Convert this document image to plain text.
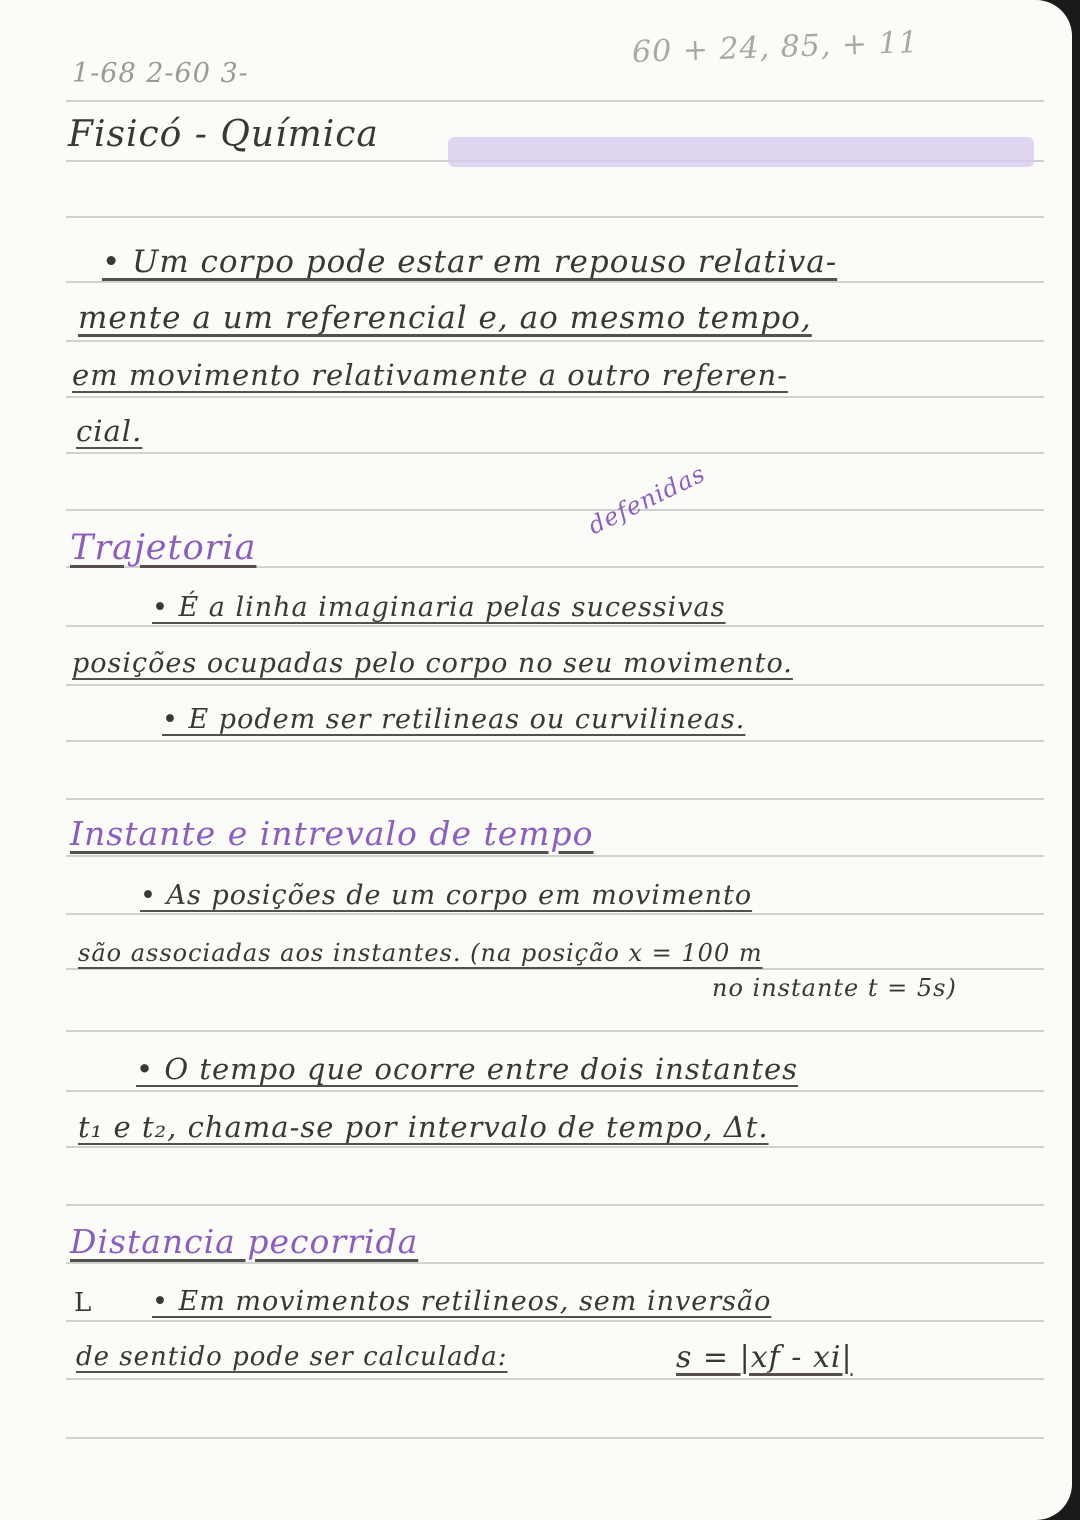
1-68 2-60 3-
60 + 24, 85, + 11
Fisicó - Química
• Um corpo pode estar em repouso relativa-
mente a um referencial e, ao mesmo tempo,
em movimento relativamente a outro referen-
cial.
Trajetoria
defenidas
• É a linha imaginaria pelas sucessivas
posições ocupadas pelo corpo no seu movimento.
• E podem ser retilineas ou curvilineas.
Instante e intrevalo de tempo
• As posições de um corpo em movimento
são associadas aos instantes. (na posição x = 100 m
no instante t = 5s)
• O tempo que ocorre entre dois instantes
t₁ e t₂, chama-se por intervalo de tempo, Δt.
Distancia pecorrida
L • Em movimentos retilineos, sem inversão
de sentido pode ser calculada:	s = |xf - xi|
